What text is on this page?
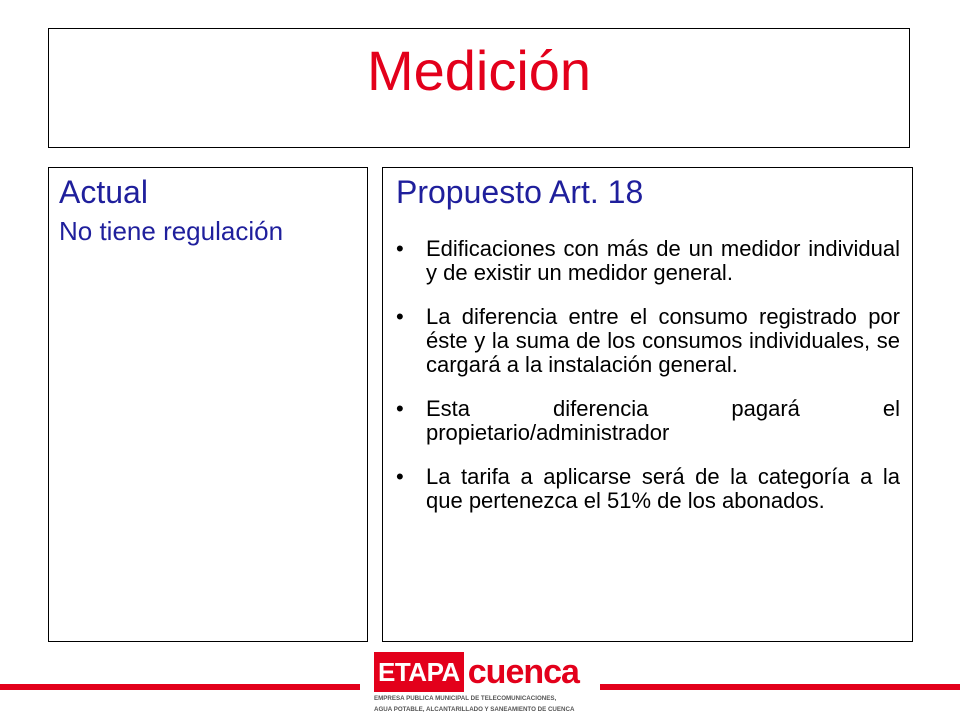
Medición
Actual

No tiene regulación

Propuesto Art. 18
• Edificaciones con más de un medidor individual y de existir un medidor general.
• La diferencia entre el consumo registrado por éste y la suma de los consumos individuales, se cargará a la instalación general.
• Esta diferencia pagará el propietario/administrador
• La tarifa a aplicarse será de la categoría a la que pertenezca el 51% de los abonados.
ETAPA cuenca
EMPRESA PUBLICA MUNICIPAL DE TELECOMUNICACIONES,
AGUA POTABLE, ALCANTARILLADO Y SANEAMIENTO DE CUENCA
